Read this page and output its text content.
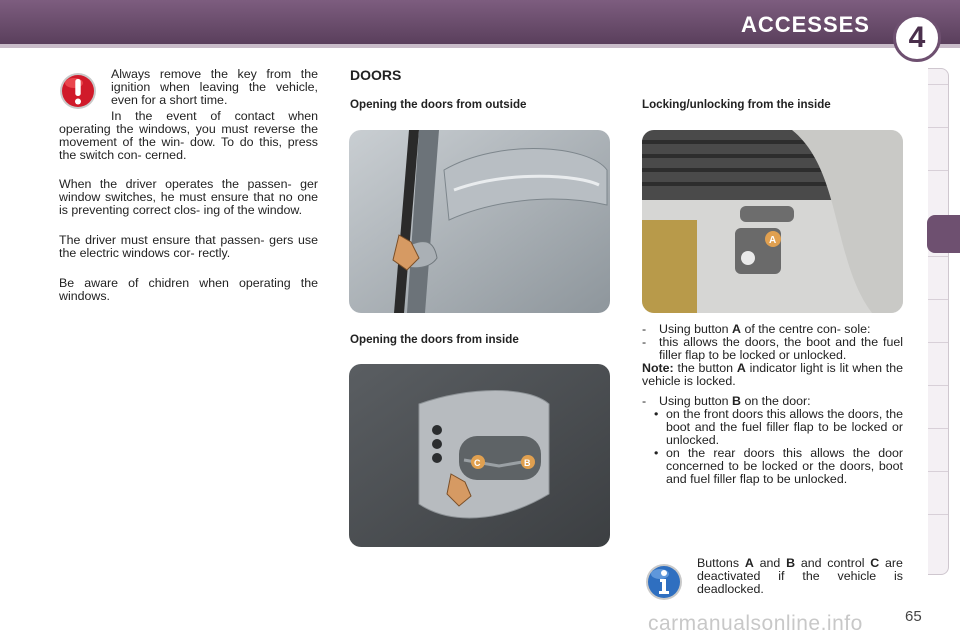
ACCESSES	4
Always remove the key from the ignition when leaving the vehicle, even for a short time.
In the event of contact when operating the windows, you must reverse the movement of the win- dow. To do this, press the switch con- cerned.
When the driver operates the passen- ger window switches, he must ensure that no one is preventing correct clos- ing of the window.
The driver must ensure that passen- gers use the electric windows cor- rectly.
Be aware of chidren when operating the windows.
DOORS
Opening the doors from outside
Opening the doors from inside
C	B
Locking/unlocking from the inside
A
- Using button A of the centre con- sole:
- this allows the doors, the boot and the fuel filler flap to be locked or unlocked.
Note: the button A indicator light is lit when the vehicle is locked.
- Using button B on the door:
• on the front doors this allows the doors, the boot and the fuel filler flap to be locked or unlocked.
• on the rear doors this allows the door concerned to be locked or the doors, boot and fuel filler flap to be unlocked.
Buttons A and B and control C are deactivated if the vehicle is deadlocked.
carmanualsonline.info	65
